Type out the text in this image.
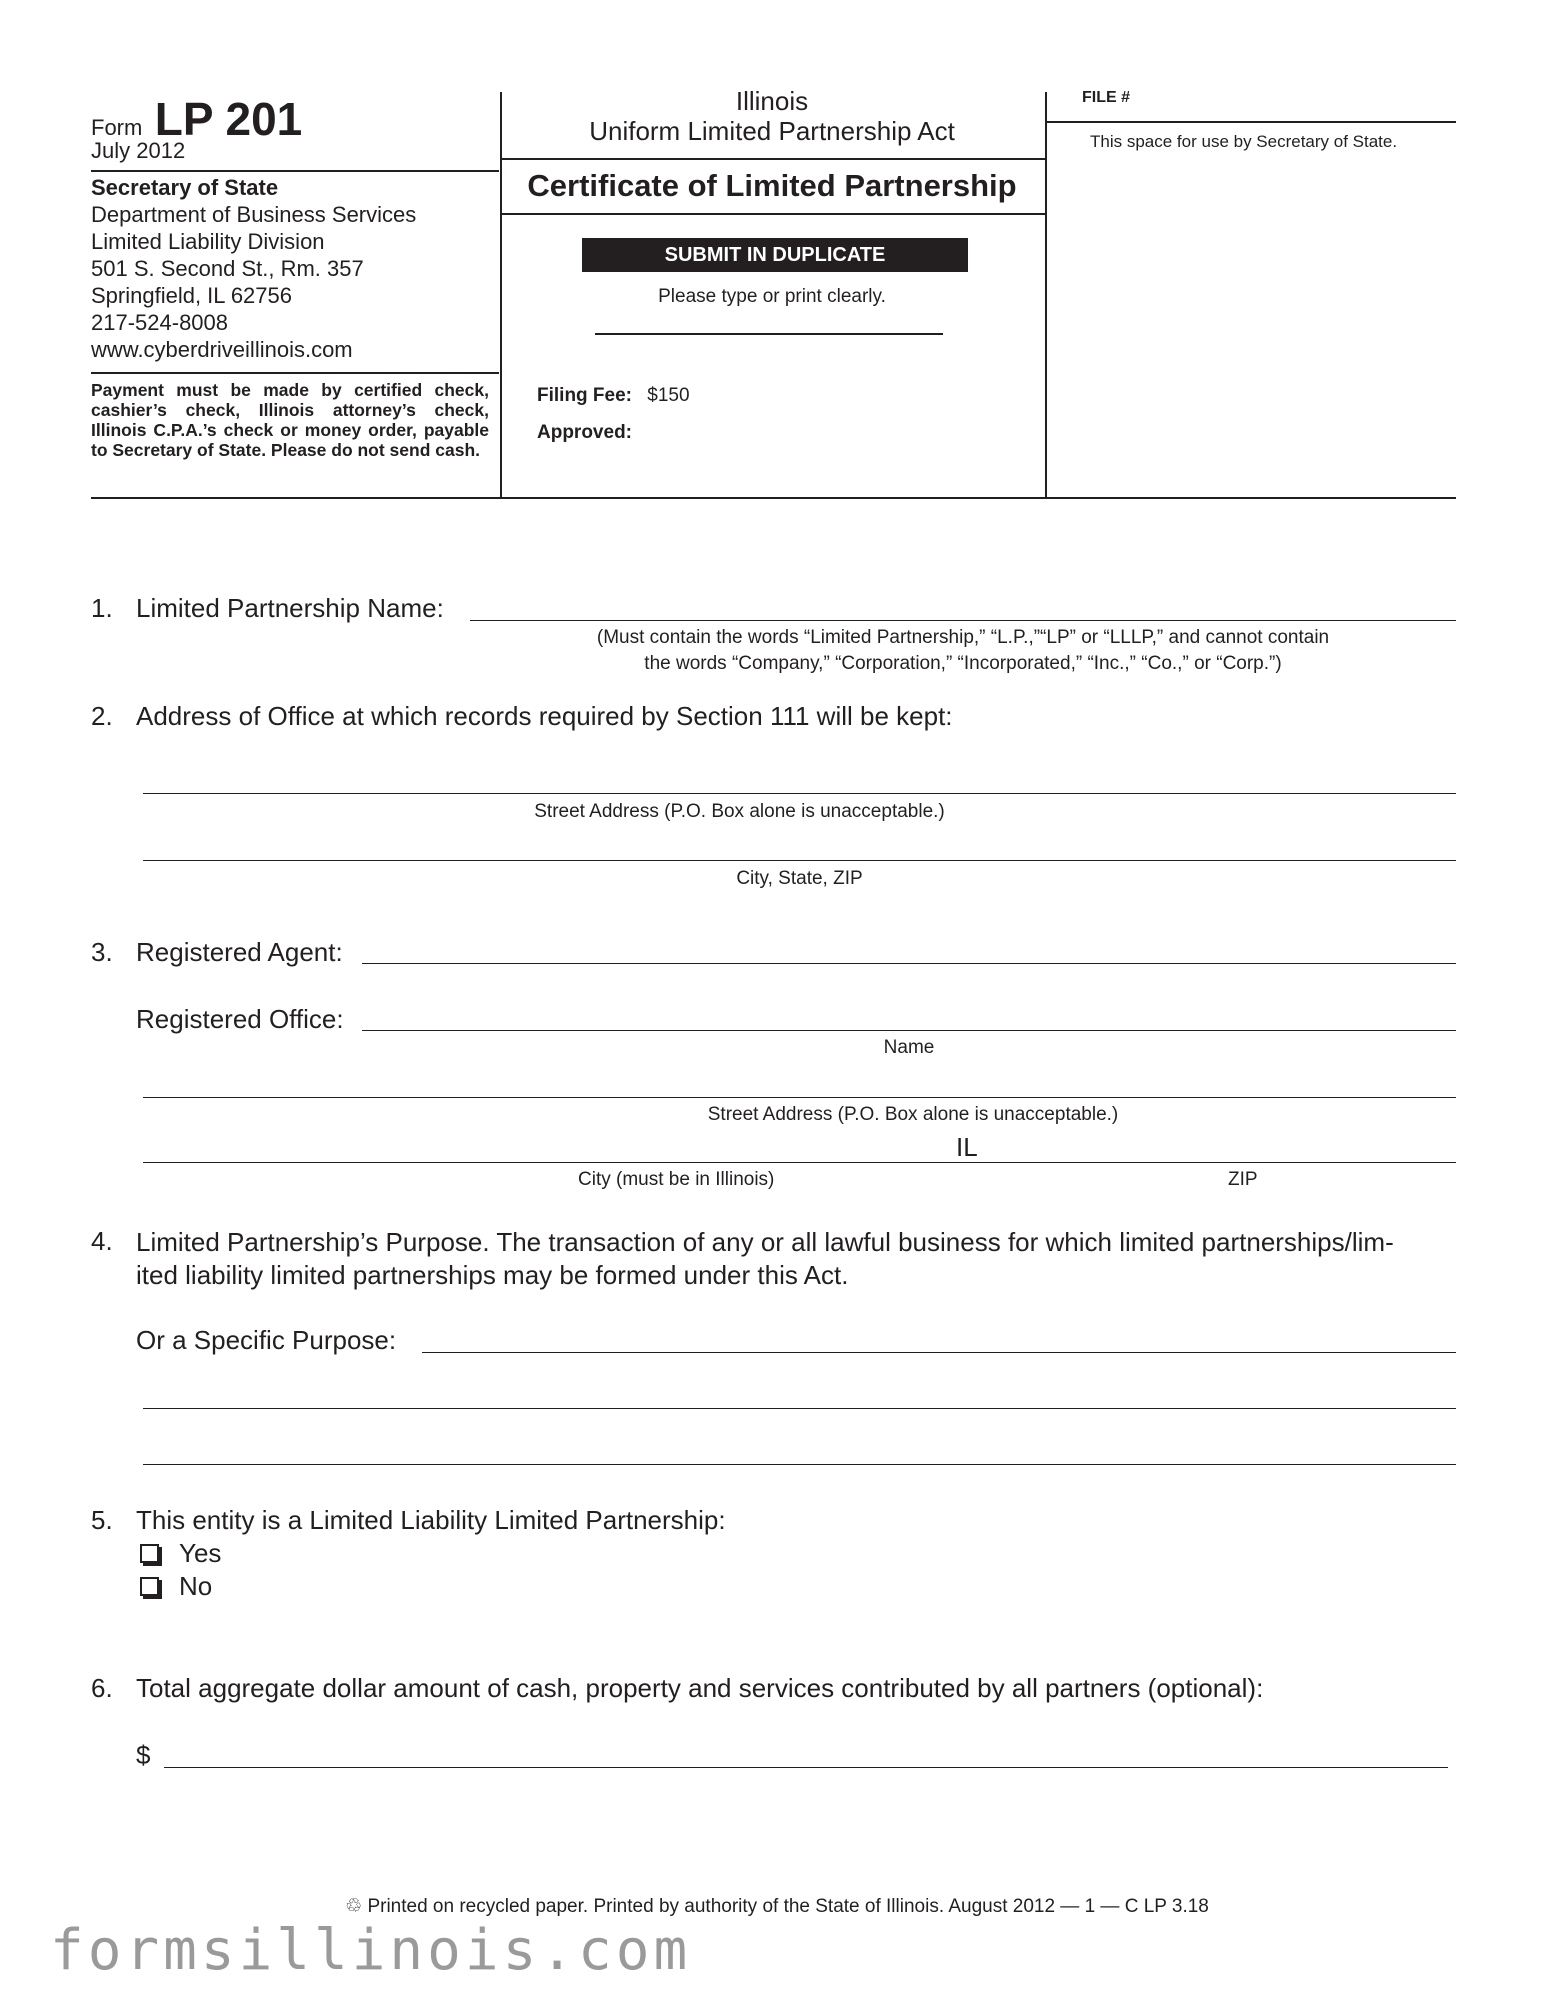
Form LP 201
July 2012
Secretary of State
Department of Business Services
Limited Liability Division
501 S. Second St., Rm. 357
Springfield, IL 62756
217-524-8008
www.cyberdriveillinois.com
Payment must be made by certified check, cashier’s check, Illinois attorney’s check, Illinois C.P.A.’s check or money order, payable to Secretary of State. Please do not send cash.
Illinois
Uniform Limited Partnership Act
Certificate of Limited Partnership
SUBMIT IN DUPLICATE
Please type or print clearly.
Filing Fee: $150
Approved:
FILE #
This space for use by Secretary of State.
1. Limited Partnership Name:
(Must contain the words “Limited Partnership,” “L.P.,”“LP” or “LLLP,” and cannot contain
the words “Company,” “Corporation,” “Incorporated,” “Inc.,” “Co.,” or “Corp.”)
2. Address of Office at which records required by Section 111 will be kept:
Street Address (P.O. Box alone is unacceptable.)
City, State, ZIP
3. Registered Agent:
Registered Office:
Name
Street Address (P.O. Box alone is unacceptable.)
IL
City (must be in Illinois)	ZIP
4. Limited Partnership’s Purpose. The transaction of any or all lawful business for which limited partnerships/lim-
ited liability limited partnerships may be formed under this Act.
Or a Specific Purpose:
5. This entity is a Limited Liability Limited Partnership:
Yes
No
6. Total aggregate dollar amount of cash, property and services contributed by all partners (optional):
$
♲ Printed on recycled paper. Printed by authority of the State of Illinois. August 2012 — 1 — C LP 3.18
formsillinois.com
